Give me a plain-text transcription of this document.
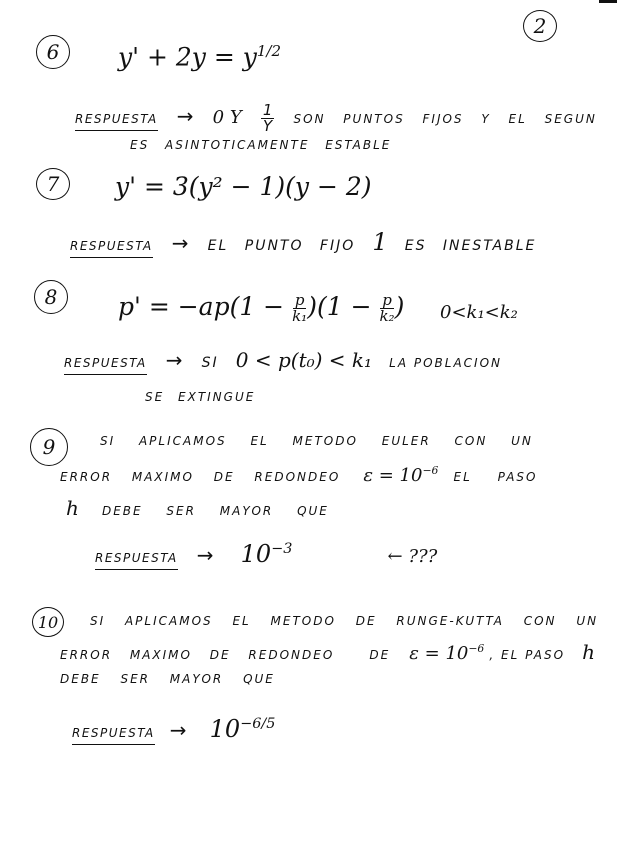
2
6	$y' + 2y = y^{1/2}$
RESPUESTA → 0 Y $\frac{1}{Y}$ SON PUNTOS FIJOS Y EL SEGUN
ES ASINTOTICAMENTE ESTABLE
7	y' = 3(y² − 1)(y − 2)
RESPUESTA → EL PUNTO FIJO 1 ES INESTABLE
8	$p' = -ap(1 - \frac{p}{\text{k₁}} )(1 - \frac{p}{\text{k₂}}$ ) 0<k₁<k₂
RESPUESTA → SI 0 < p(t₀) < k₁ LA POBLACION
SE EXTINGUE
9	SI APLICAMOS EL METODO EULER CON UN
ERROR MAXIMO DE REDONDEO $\varepsilon = 10^{-6}$ EL PASO
h DEBE SER MAYOR QUE
RESPUESTA → $10^{-3}$	← ???
10	SI APLICAMOS EL METODO DE RUNGE-KUTTA CON UN
ERROR MAXIMO DE REDONDEO	DE $\varepsilon = 10^{-6}$ , EL PASO h
DEBE SER MAYOR QUE
RESPUESTA → $10^{-6/5}$
